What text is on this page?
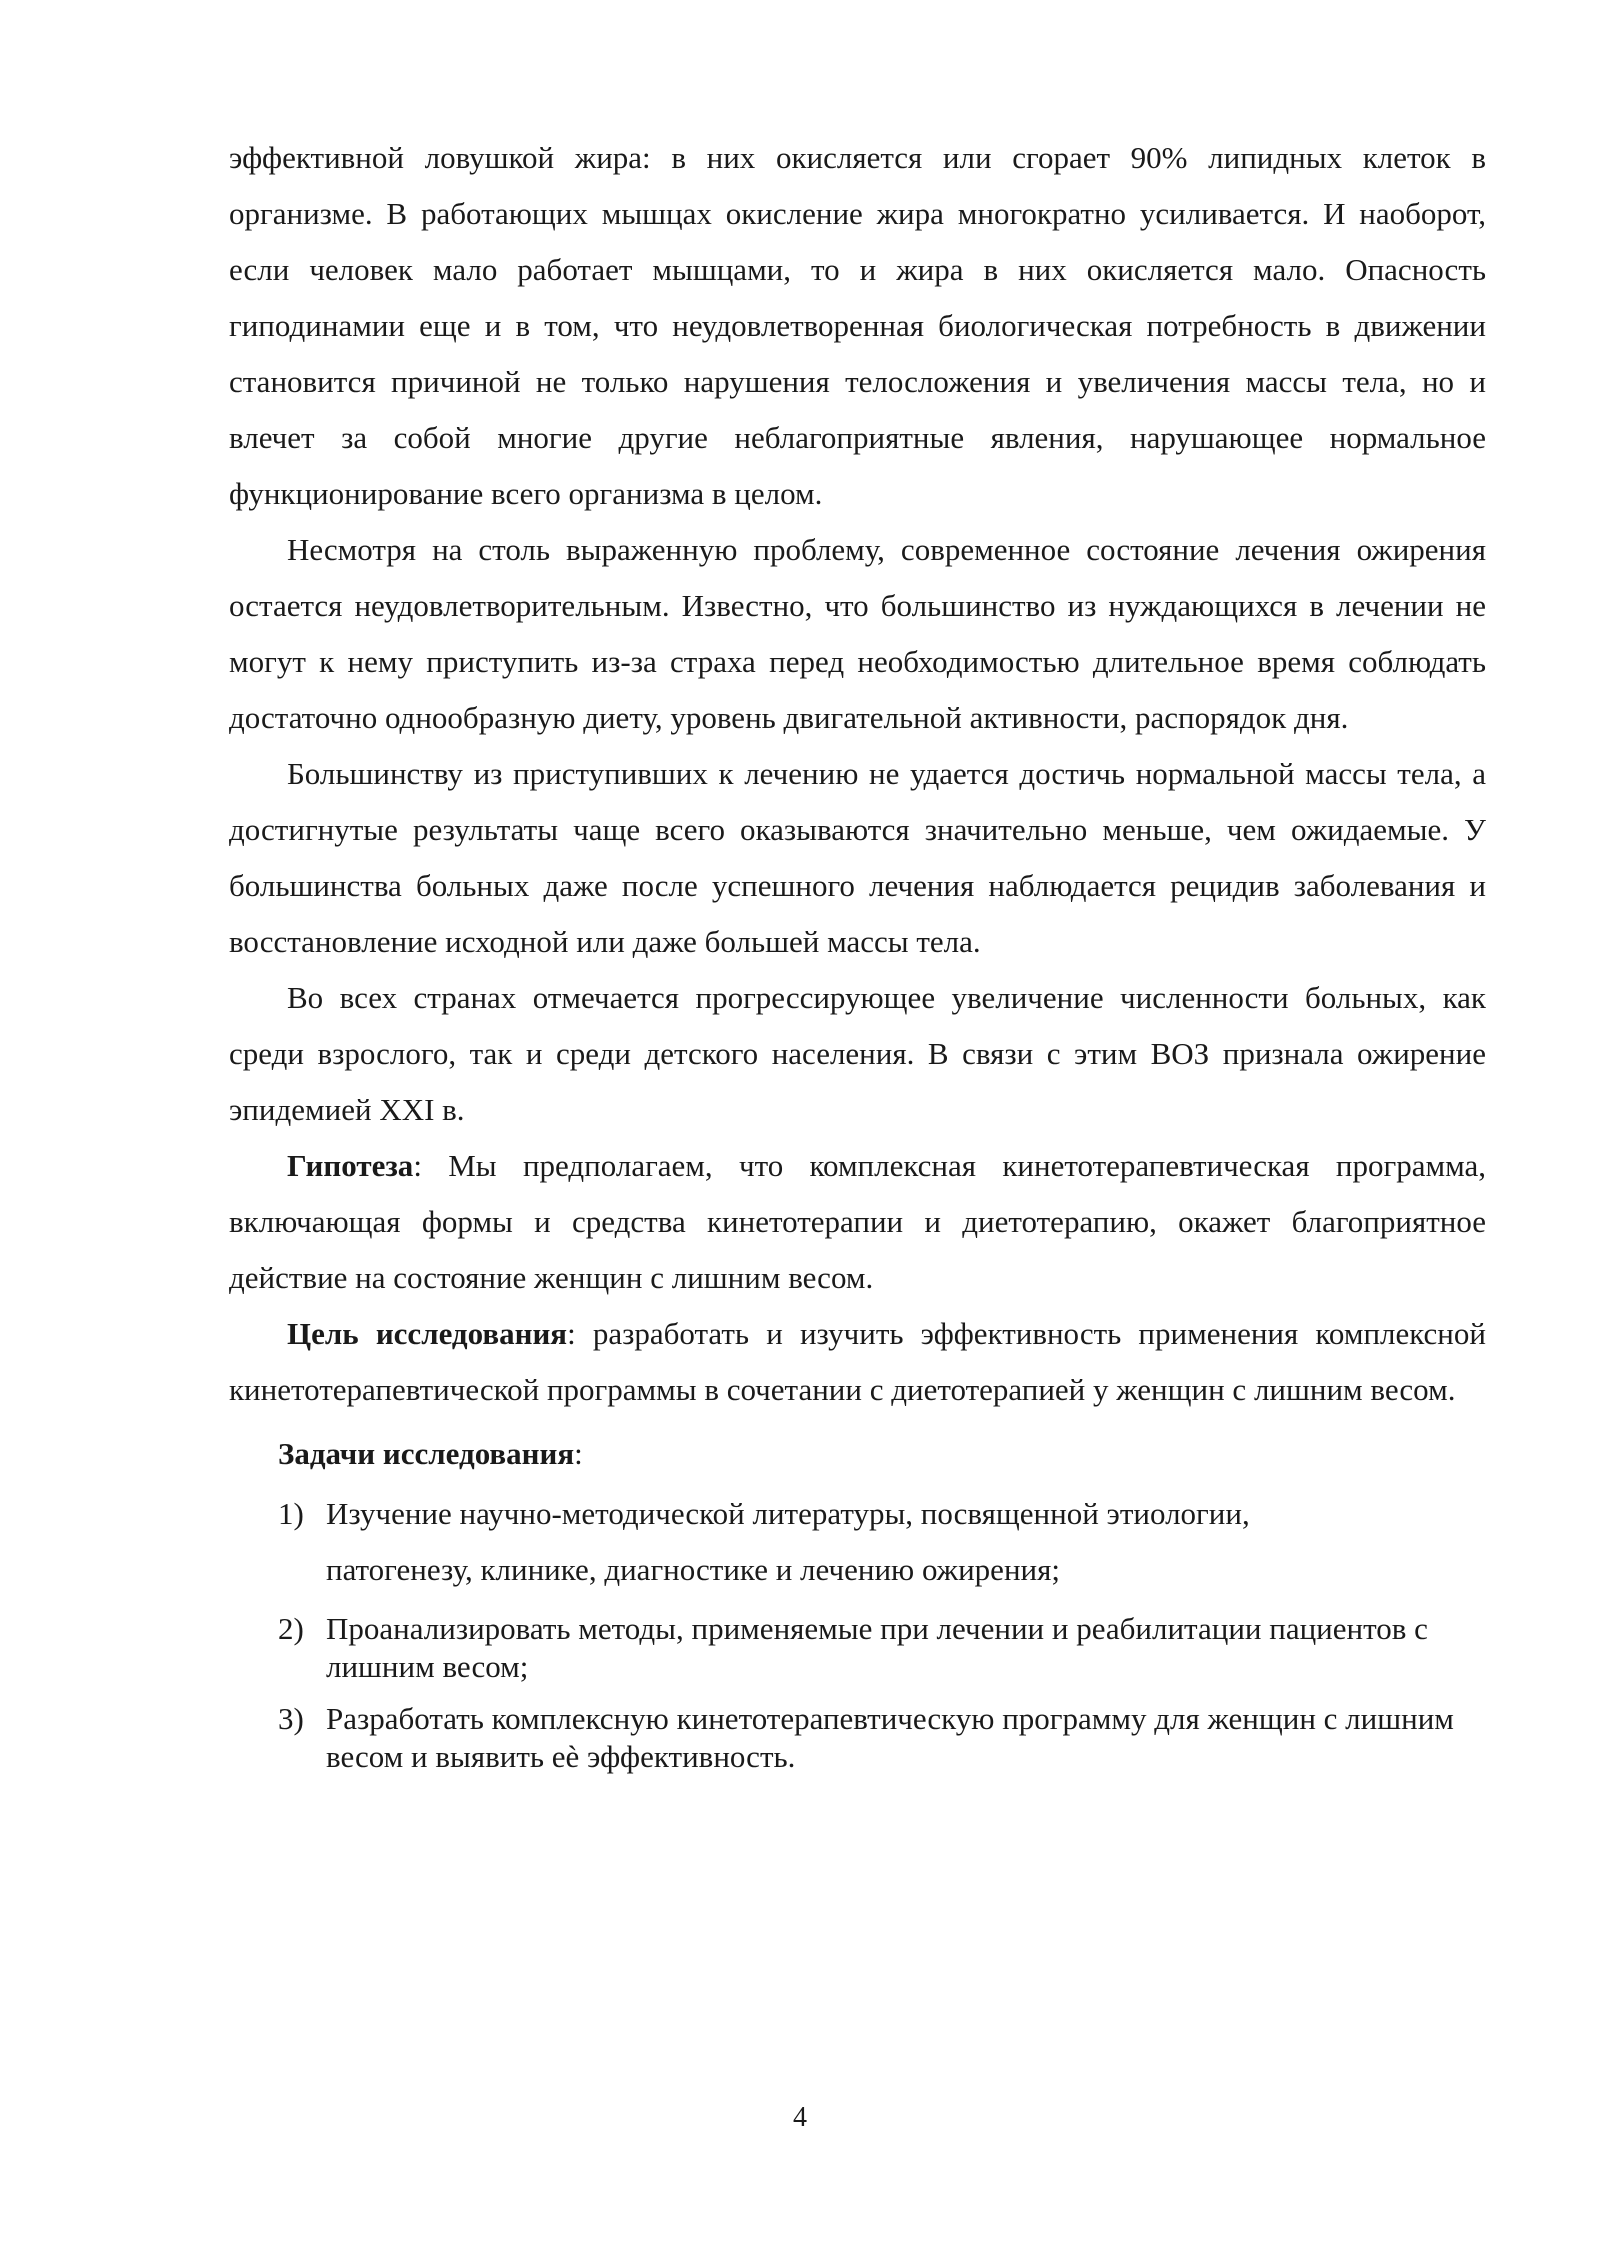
эффективной ловушкой жира: в них окисляется или сгорает 90% липидных клеток в организме. В работающих мышцах окисление жира многократно усиливается. И наоборот, если человек мало работает мышцами, то и жира в них окисляется мало. Опасность гиподинамии еще и в том, что неудовлетворенная биологическая потребность в движении становится причиной не только нарушения телосложения и увеличения массы тела, но и влечет за собой многие другие неблагоприятные явления, нарушающее нормальное функционирование всего организма в целом.

Несмотря на столь выраженную проблему, современное состояние лечения ожирения остается неудовлетворительным. Известно, что большинство из нуждающихся в лечении не могут к нему приступить из-за страха перед необходимостью длительное время соблюдать достаточно однообразную диету, уровень двигательной активности, распорядок дня.

Большинству из приступивших к лечению не удается достичь нормальной массы тела, а достигнутые результаты чаще всего оказываются значительно меньше, чем ожидаемые. У большинства больных даже после успешного лечения наблюдается рецидив заболевания и восстановление исходной или даже большей массы тела.

Во всех странах отмечается прогрессирующее увеличение численности больных, как среди взрослого, так и среди детского населения. В связи с этим ВОЗ признала ожирение эпидемией XXI в.

Гипотеза: Мы предполагаем, что комплексная кинетотерапевтическая программа, включающая формы и средства кинетотерапии и диетотерапию, окажет благоприятное действие на состояние женщин с лишним весом.

Цель исследования: разработать и изучить эффективность применения комплексной кинетотерапевтической программы в сочетании с диетотерапией у женщин с лишним весом.

Задачи исследования:
1) Изучение научно-методической литературы, посвященной этиологии,
патогенезу, клинике, диагностике и лечению ожирения;
2) Проанализировать методы, применяемые при лечении и реабилитации пациентов с лишним весом;
3) Разработать комплексную кинетотерапевтическую программу для женщин с лишним весом и выявить еѐ эффективность.
4
